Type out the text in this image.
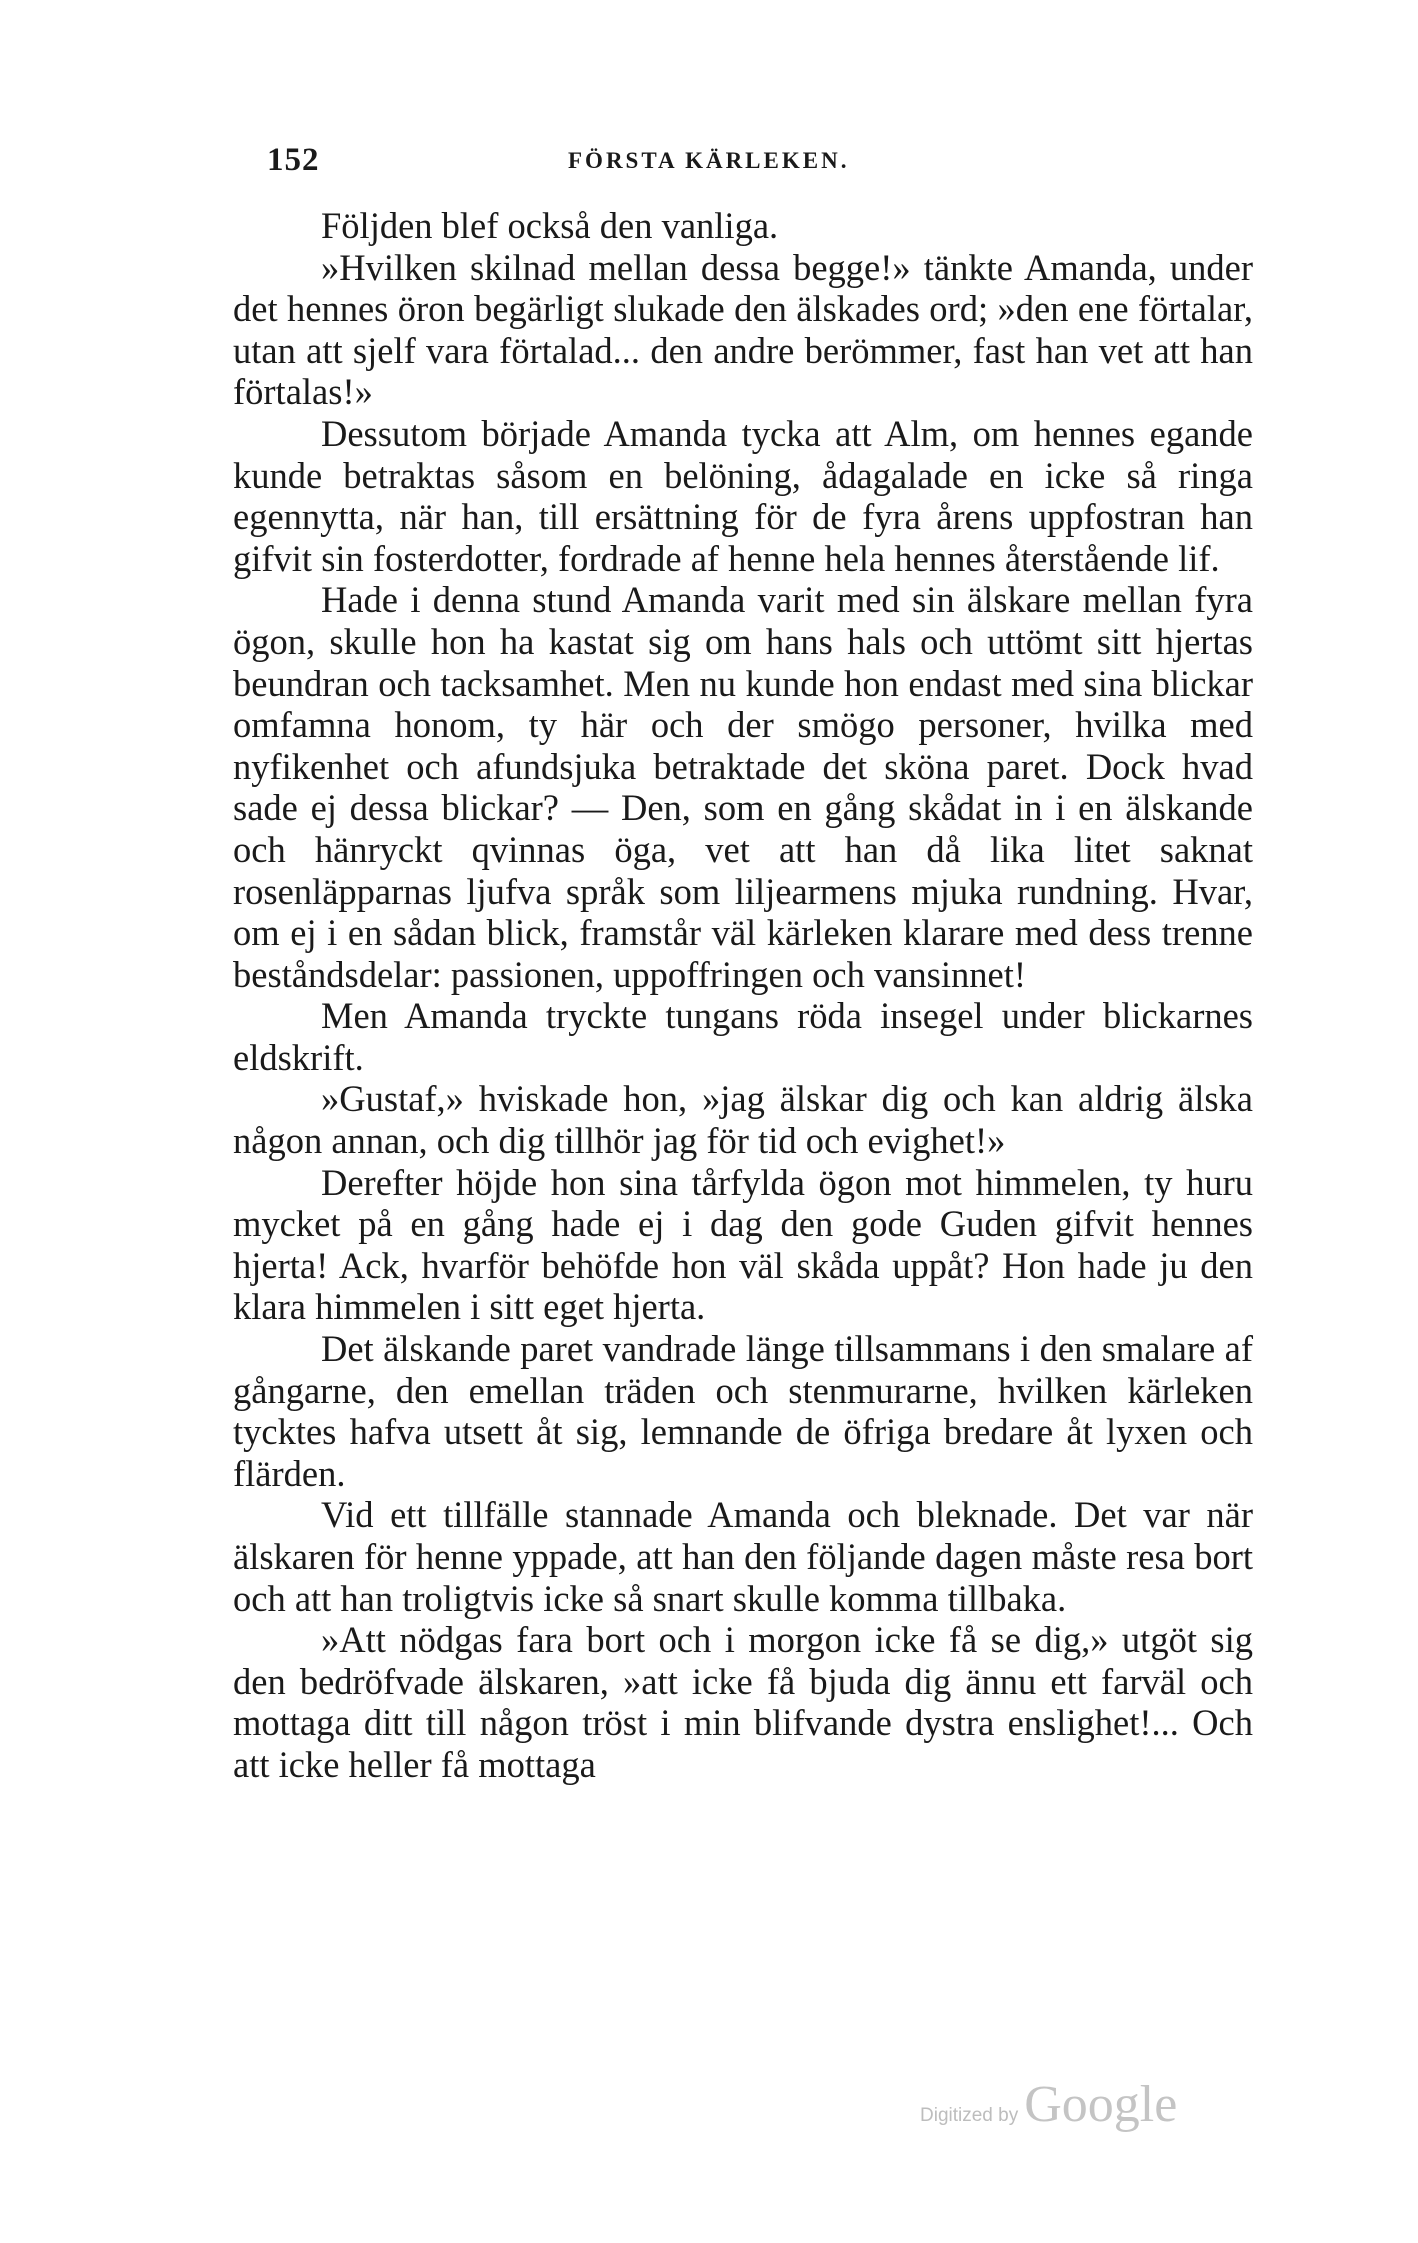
152	FÖRSTA KÄRLEKEN.

Följden blef också den vanliga.

»Hvilken skilnad mellan dessa begge!» tänkte Amanda, under det hennes öron begärligt slukade den älskades ord; »den ene förtalar, utan att sjelf vara förtalad... den andre berömmer, fast han vet att han förtalas!»

Dessutom började Amanda tycka att Alm, om hennes egande kunde betraktas såsom en belöning, ådagalade en icke så ringa egennytta, när han, till ersättning för de fyra årens uppfostran han gifvit sin fosterdotter, fordrade af henne hela hennes återstående lif.

Hade i denna stund Amanda varit med sin älskare mellan fyra ögon, skulle hon ha kastat sig om hans hals och uttömt sitt hjertas beundran och tacksamhet. Men nu kunde hon endast med sina blickar omfamna honom, ty här och der smögo personer, hvilka med nyfikenhet och afundsjuka betraktade det sköna paret. Dock hvad sade ej dessa blickar? — Den, som en gång skådat in i en älskande och hänryckt qvinnas öga, vet att han då lika litet saknat rosenläpparnas ljufva språk som liljearmens mjuka rundning. Hvar, om ej i en sådan blick, framstår väl kärleken klarare med dess trenne beståndsdelar: passionen, uppoffringen och vansinnet!

Men Amanda tryckte tungans röda insegel under blickarnes eldskrift.

»Gustaf,» hviskade hon, »jag älskar dig och kan aldrig älska någon annan, och dig tillhör jag för tid och evighet!»

Derefter höjde hon sina tårfylda ögon mot himmelen, ty huru mycket på en gång hade ej i dag den gode Guden gifvit hennes hjerta! Ack, hvarför behöfde hon väl skåda uppåt? Hon hade ju den klara himmelen i sitt eget hjerta.

Det älskande paret vandrade länge tillsammans i den smalare af gångarne, den emellan träden och stenmurarne, hvilken kärleken tycktes hafva utsett åt sig, lemnande de öfriga bredare åt lyxen och flärden.

Vid ett tillfälle stannade Amanda och bleknade. Det var när älskaren för henne yppade, att han den följande dagen måste resa bort och att han troligtvis icke så snart skulle komma tillbaka.

»Att nödgas fara bort och i morgon icke få se dig,» utgöt sig den bedröfvade älskaren, »att icke få bjuda dig ännu ett farväl och mottaga ditt till någon tröst i min blifvande dystra enslighet!... Och att icke heller få mottaga

Digitized by Google
